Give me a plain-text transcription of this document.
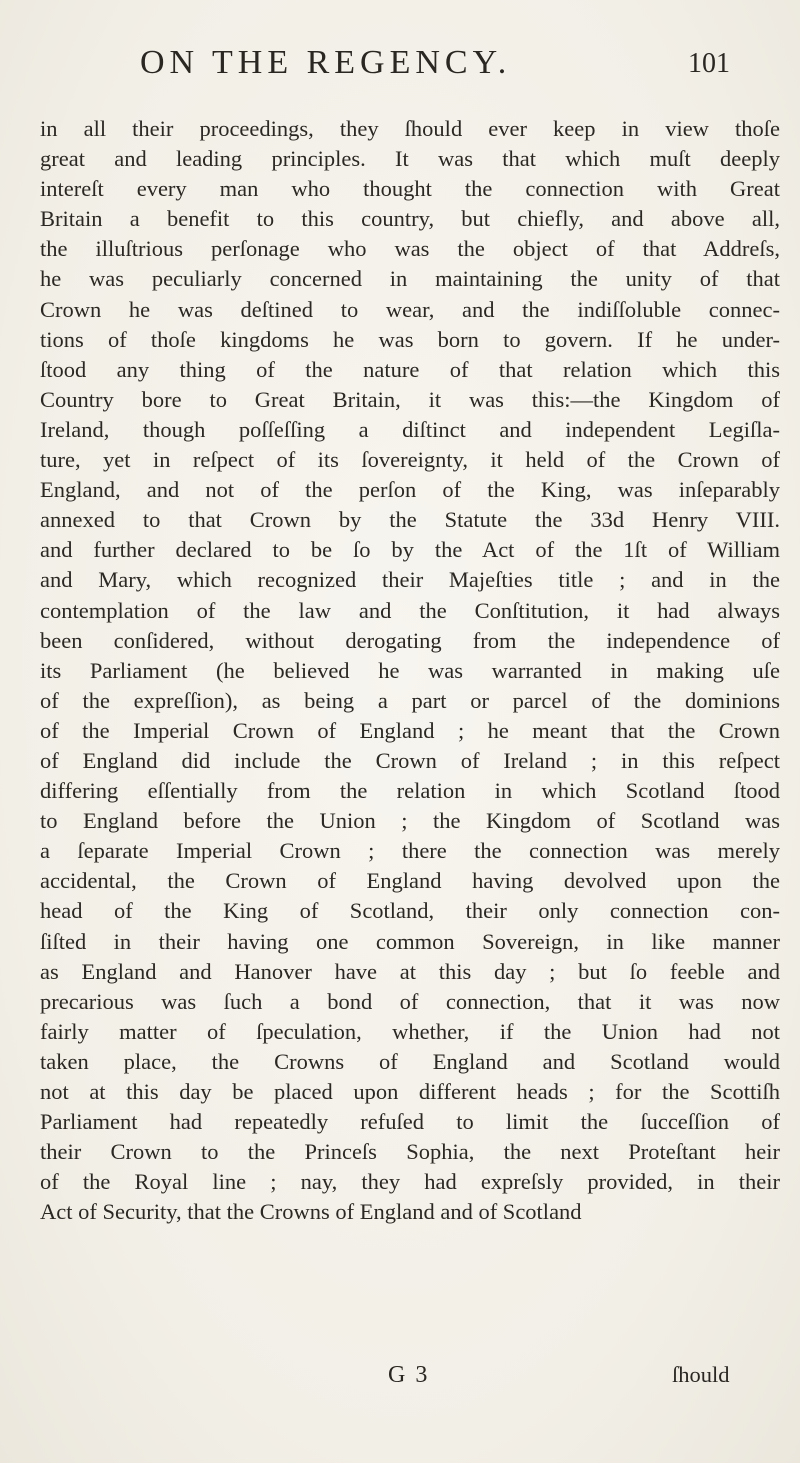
ON THE REGENCY.	101
in all their proceedings, they ſhould ever keep in view thoſe
great and leading principles. It was that which muſt deeply
intereſt every man who thought the connection with Great
Britain a benefit to this country, but chiefly, and above all,
the illuſtrious perſonage who was the object of that Addreſs,
he was peculiarly concerned in maintaining the unity of that
Crown he was deſtined to wear, and the indiſſoluble connec-
tions of thoſe kingdoms he was born to govern. If he under-
ſtood any thing of the nature of that relation which this
Country bore to Great Britain, it was this:—the Kingdom of
Ireland, though poſſeſſing a diſtinct and independent Legiſla-
ture, yet in reſpect of its ſovereignty, it held of the Crown of
England, and not of the perſon of the King, was inſeparably
annexed to that Crown by the Statute the 33d Henry VIII.
and further declared to be ſo by the Act of the 1ſt of William
and Mary, which recognized their Majeſties title ; and in the
contemplation of the law and the Conſtitution, it had always
been conſidered, without derogating from the independence of
its Parliament (he believed he was warranted in making uſe
of the expreſſion), as being a part or parcel of the dominions
of the Imperial Crown of England ; he meant that the Crown
of England did include the Crown of Ireland ; in this reſpect
differing eſſentially from the relation in which Scotland ſtood
to England before the Union ; the Kingdom of Scotland was
a ſeparate Imperial Crown ; there the connection was merely
accidental, the Crown of England having devolved upon the
head of the King of Scotland, their only connection con-
ſiſted in their having one common Sovereign, in like manner
as England and Hanover have at this day ; but ſo feeble and
precarious was ſuch a bond of connection, that it was now
fairly matter of ſpeculation, whether, if the Union had not
taken place, the Crowns of England and Scotland would
not at this day be placed upon different heads ; for the Scottiſh
Parliament had repeatedly refuſed to limit the ſucceſſion of
their Crown to the Princeſs Sophia, the next Proteſtant heir
of the Royal line ; nay, they had expreſsly provided, in their
Act of Security, that the Crowns of England and of Scotland
G 3	ſhould
